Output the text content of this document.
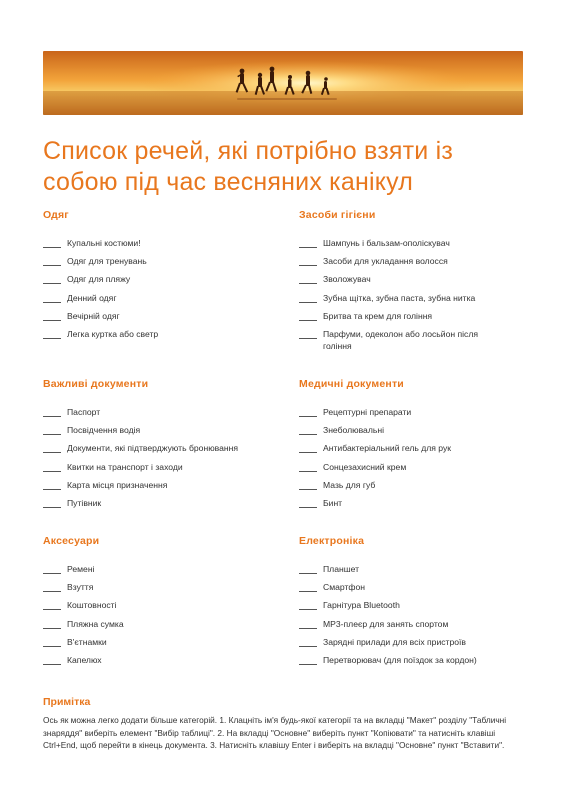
Список речей, які потрібно взяти із собою під час весняних канікул
Одяг
Купальні костюми!
Одяг для тренувань
Одяг для пляжу
Денний одяг
Вечірній одяг
Легка куртка або светр
Засоби гігієни
Шампунь і бальзам-ополіскувач
Засоби для укладання волосся
Зволожувач
Зубна щітка, зубна паста, зубна нитка
Бритва та крем для гоління
Парфуми, одеколон або лосьйон після гоління
Важливі документи
Паспорт
Посвідчення водія
Документи, які підтверджують бронювання
Квитки на транспорт і заходи
Карта місця призначення
Путівник
Медичні документи
Рецептурні препарати
Знеболювальні
Антибактеріальний гель для рук
Сонцезахисний крем
Мазь для губ
Бинт
Аксесуари
Ремені
Взуття
Коштовності
Пляжна сумка
В'єтнамки
Капелюх
Електроніка
Планшет
Смартфон
Гарнітура Bluetooth
MP3-плеєр для занять спортом
Зарядні прилади для всіх пристроїв
Перетворювач (для поїздок за кордон)
Примітка
Ось як можна легко додати більше категорій. 1. Клацніть ім'я будь-якої категорії та на вкладці "Макет" розділу "Табличні знаряддя" виберіть елемент "Вибір таблиці". 2. На вкладці "Основне" виберіть пункт "Копіювати" та натисніть клавіші Ctrl+End, щоб перейти в кінець документа. 3. Натисніть клавішу Enter і виберіть на вкладці "Основне" пункт "Вставити".
